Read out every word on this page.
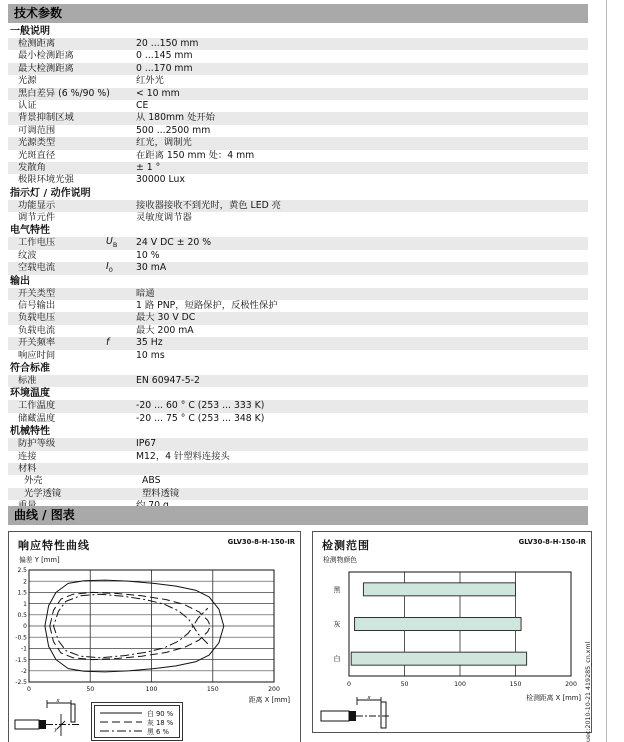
技术参数
一般说明
检测距离	20 ...150 mm
最小检测距离	0 ...145 mm
最大检测距离	0 ...170 mm
光源	红外光
黑白差异 (6 %/90 %)	< 10 mm
认证	CE
背景抑制区域	从 180mm 处开始
可调范围	500 ...2500 mm
光源类型	红光，调制光
光斑直径	在距离 150 mm 处：4 mm
发散角	± 1 °
极限环境光强	30000 Lux
指示灯 / 动作说明
功能显示	接收器接收不到光时，黄色 LED 亮
调节元件	灵敏度调节器
电气特性
工作电压	$U_B$	24 V DC ± 20 %
纹波	10 %
空载电流	$I_0$	30 mA
输出
开关类型	暗通
信号输出	1 路 PNP，短路保护，反极性保护
负载电压	最大 30 V DC
负载电流	最大 200 mA
开关频率	f	35 Hz
响应时间	10 ms
符合标准
标准	EN 60947-5-2
环境温度
工作温度	-20 ... 60 ° C (253 ... 333 K)
储藏温度	-20 ... 75 ° C (253 ... 348 K)
机械特性
防护等级	IP67
连接	M12，4 针塑料连接头
材料
外壳	ABS
光学透镜	塑料透镜
曲线 / 图表
响应特性曲线	GLV30-8-H-150-IR
偏差 Y [mm]
2.5
2
1.5
1
0.5
0
-0.5
-1
-1.5
-2
-2.5
0	50	100	150	200
距离 X [mm]
x
y
白 90 %
灰 18 %
黑 6 %
检测范围	GLV30-8-H-150-IR
检测物颜色
0	50	100	150	200
黑
灰
白
检测距离 X [mm]
x	uec:2010-10-21 419285_cn.xml
